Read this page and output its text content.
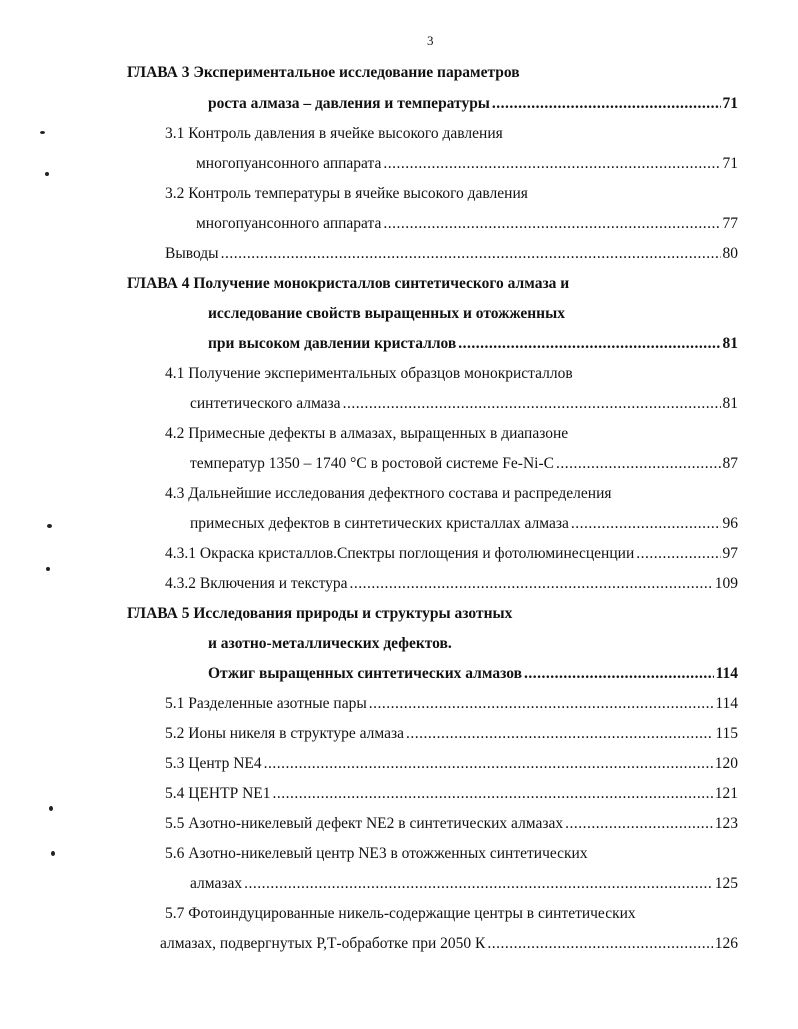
3
ГЛАВА 3 Экспериментальное исследование параметров
роста алмаза – давления и температуры .....	71
3.1 Контроль давления в ячейке высокого давления
многопуансонного аппарата .....	71
3.2 Контроль температуры в ячейке высокого давления
многопуансонного аппарата .....	77
Выводы .....	80
ГЛАВА 4 Получение монокристаллов синтетического алмаза и
исследование свойств выращенных и отожженных
при высоком давлении кристаллов .....	81
4.1 Получение экспериментальных образцов монокристаллов
синтетического алмаза .....	81
4.2 Примесные дефекты в алмазах, выращенных в диапазоне
температур 1350 – 1740 °С в ростовой системе Fe-Ni-C .....	87
4.3 Дальнейшие исследования дефектного состава и распределения
примесных дефектов в синтетических кристаллах алмаза .....	96
4.3.1 Окраска кристаллов.Спектры поглощения и фотолюминесценции .....	97
4.3.2 Включения и текстура .....	109
ГЛАВА 5 Исследования природы и структуры азотных
и азотно-металлических дефектов.
Отжиг выращенных синтетических алмазов .....	114
5.1 Разделенные азотные пары .....	114
5.2 Ионы никеля в структуре алмаза .....	115
5.3 Центр NE4 .....	120
5.4 ЦЕНТР NE1 .....	121
5.5 Азотно-никелевый дефект NE2 в синтетических алмазах .....	123
5.6 Азотно-никелевый центр NE3 в отожженных синтетических
алмазах .....	125
5.7 Фотоиндуцированные никель-содержащие центры в синтетических
алмазах, подвергнутых Р,Т-обработке при 2050 К .....	126
